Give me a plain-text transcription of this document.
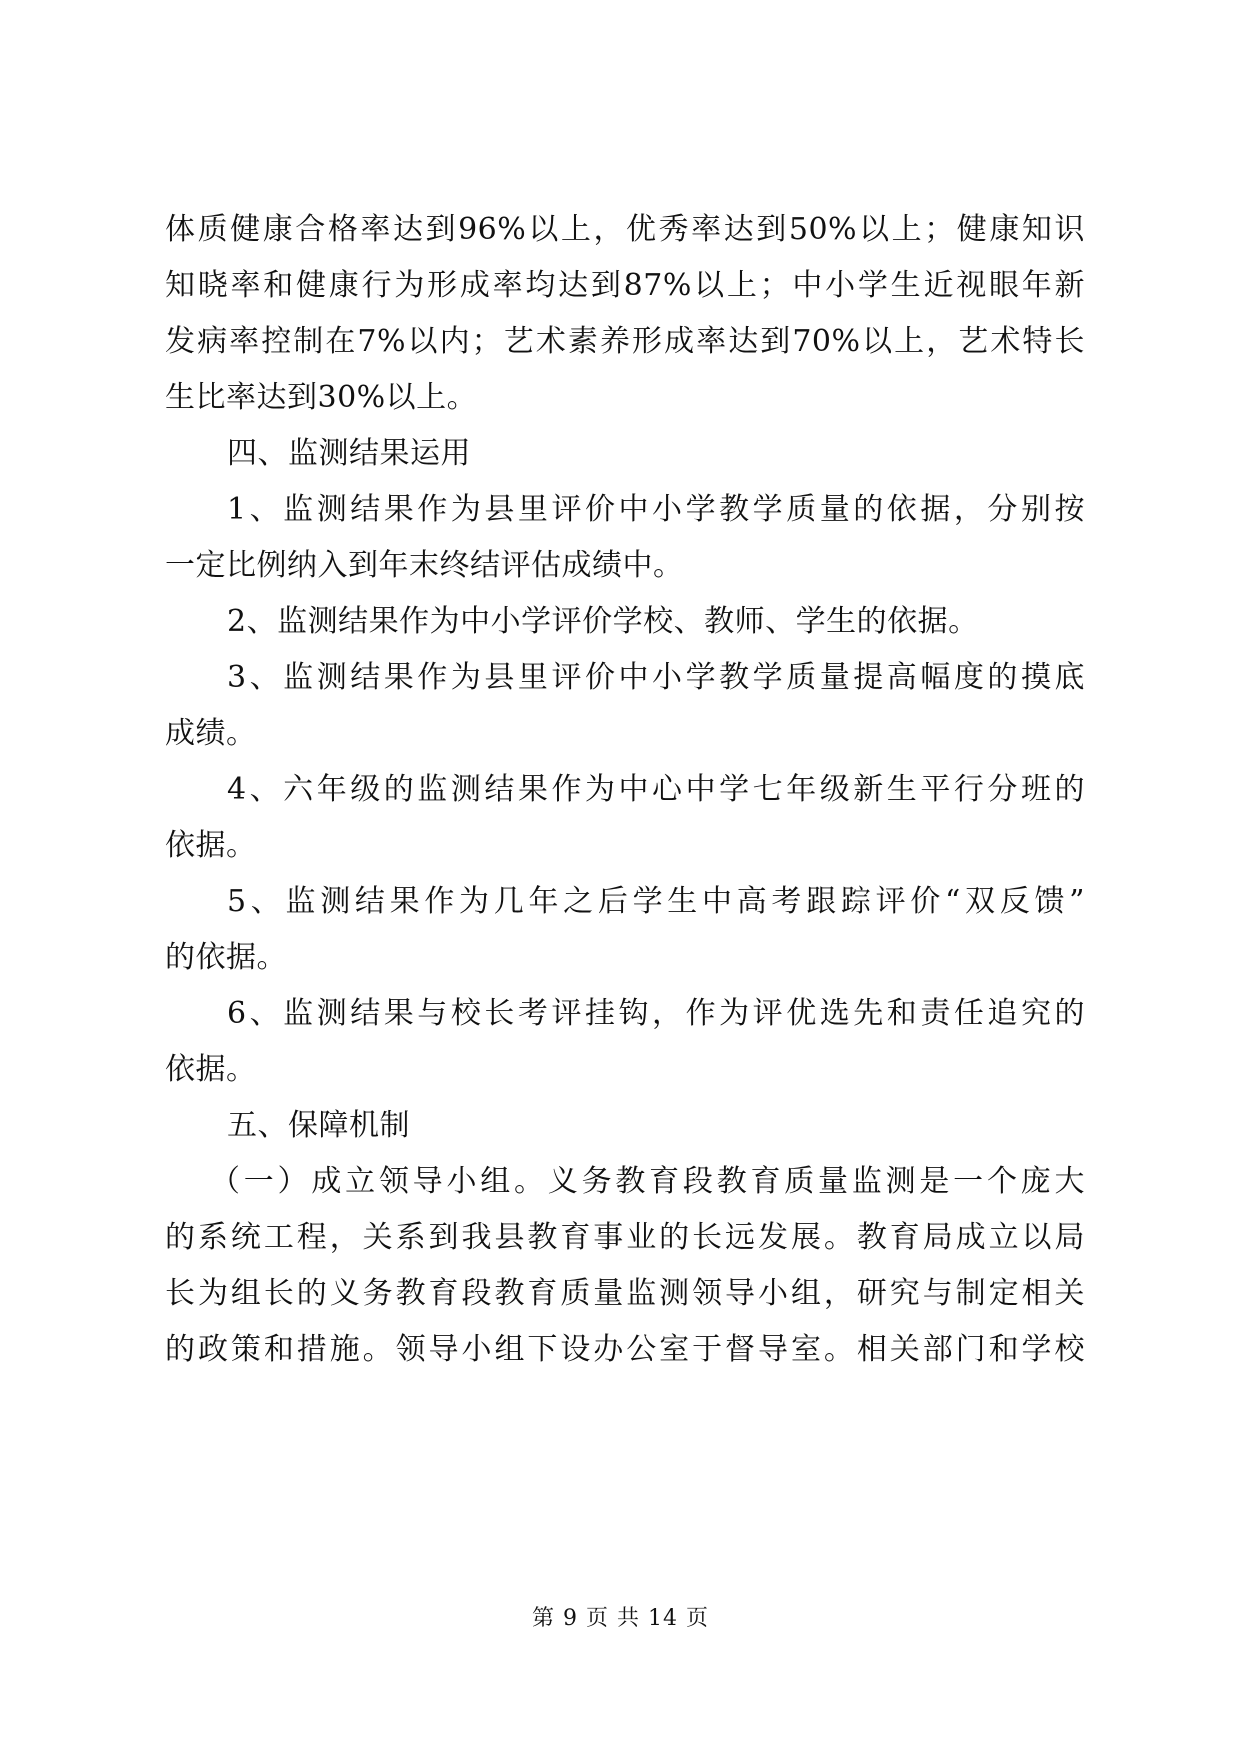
体质健康合格率达到96%以上，优秀率达到50%以上；健康知识
知晓率和健康行为形成率均达到87%以上；中小学生近视眼年新
发病率控制在7%以内；艺术素养形成率达到70%以上，艺术特长
生比率达到30%以上。
四、监测结果运用
1、监测结果作为县里评价中小学教学质量的依据，分别按
一定比例纳入到年末终结评估成绩中。
2、监测结果作为中小学评价学校、教师、学生的依据。
3、监测结果作为县里评价中小学教学质量提高幅度的摸底
成绩。
4、六年级的监测结果作为中心中学七年级新生平行分班的
依据。
5、监测结果作为几年之后学生中高考跟踪评价“双反馈”
的依据。
6、监测结果与校长考评挂钩，作为评优选先和责任追究的
依据。
五、保障机制
（一）成立领导小组。义务教育段教育质量监测是一个庞大
的系统工程，关系到我县教育事业的长远发展。教育局成立以局
长为组长的义务教育段教育质量监测领导小组，研究与制定相关
的政策和措施。领导小组下设办公室于督导室。相关部门和学校
第 9 页 共 14 页
